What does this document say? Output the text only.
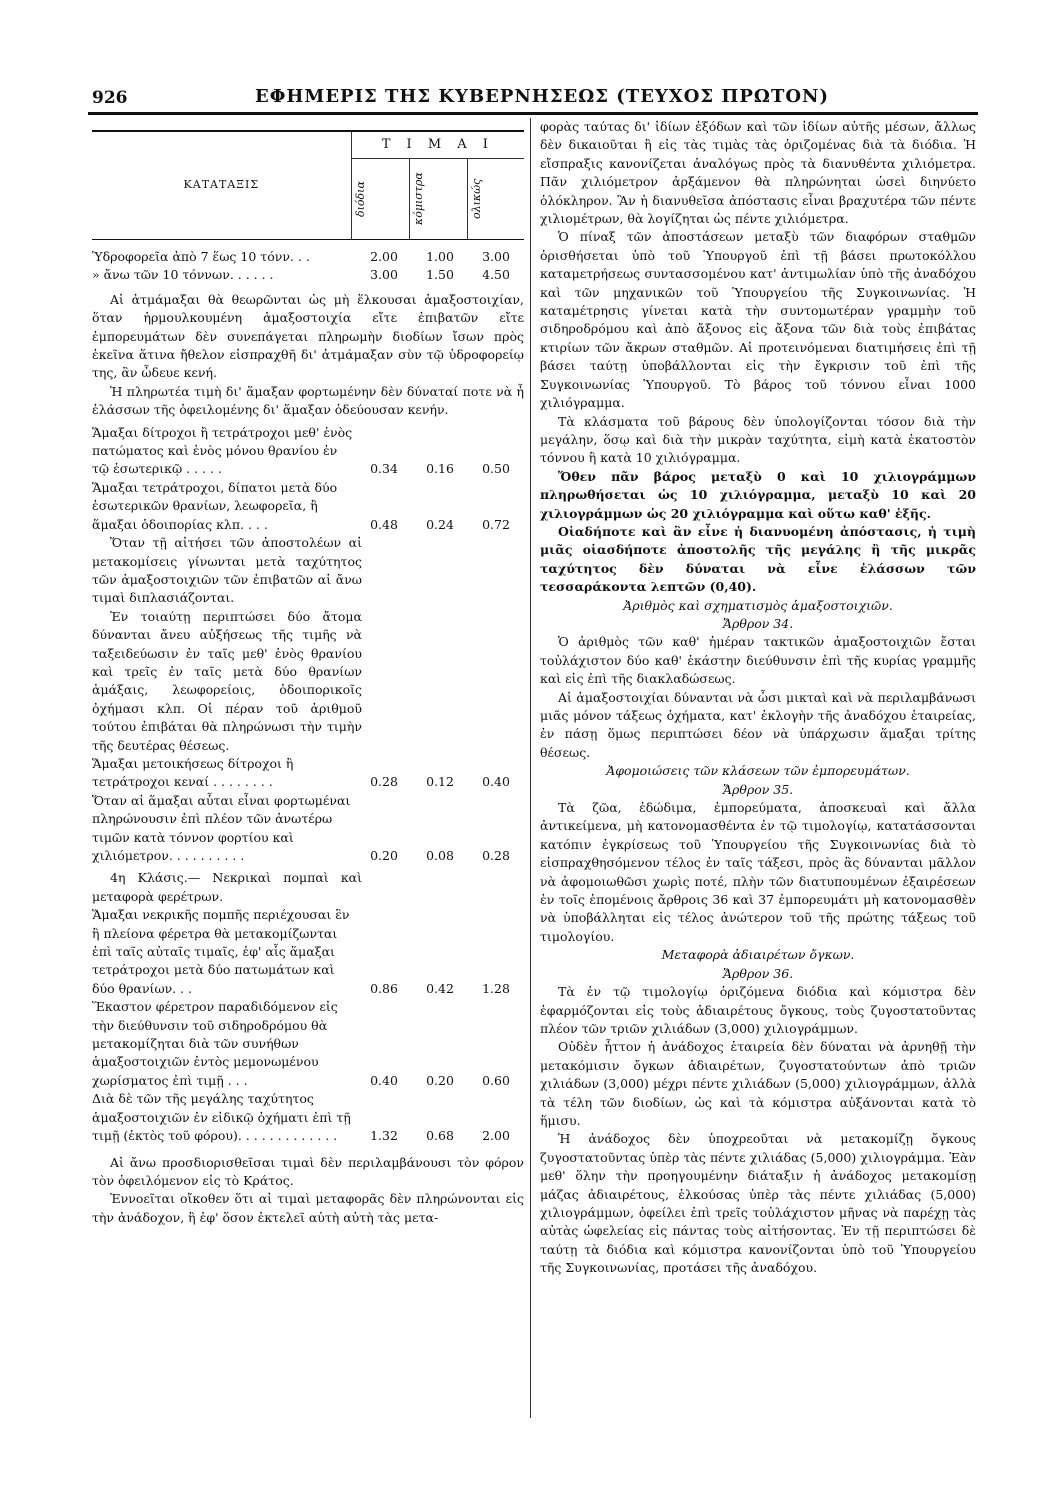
926	ΕΦΗΜΕΡΙΣ ΤΗΣ ΚΥΒΕΡΝΗΣΕΩΣ (ΤΕΥΧΟΣ ΠΡΩΤΟΝ)
ΚΑΤΑΤΑΞΙΣ	Τ Ι Μ Α Ι		

	διόδια	κόμιστρα	ολικώς
Ὑδροφορεῖα ἀπὸ 7 ἕως 10 τόνν. . .	2.00	1.00	3.00
» ἄνω τῶν 10 τόννων. . . . . .	3.00	1.50	4.50

Αἱ ἀτμάμαξαι θὰ θεωρῶνται ὡς μὴ ἕλκουσαι ἁμαξοστοιχίαν, ὅταν ἡρμουλκουμένη ἁμαξοστοιχία εἴτε ἐπιβατῶν εἴτε ἐμπορευμάτων δὲν συνεπάγεται πληρωμὴν διοδίων ἴσων πρὸς ἐκεῖνα ἅτινα ἤθελον εἰσπραχθῆ δι' ἀτμάμαξαν σὺν τῷ ὑδροφορείῳ της, ἂν ὦδευε κενή.

Ἡ πληρωτέα τιμὴ δι' ἅμαξαν φορτωμένην δὲν δύναταί ποτε νὰ ἦ ἐλάσσων τῆς ὀφειλομένης δι' ἅμαξαν ὁδεύουσαν κενήν.

Ἅμαξαι δίτροχοι ἢ τετράτροχοι μεθ' ἑνὸς πατώματος καὶ ἑνὸς μόνου θρανίου ἐν τῷ ἐσωτερικῷ . . . . .	0.34	0.16	0.50
Ἅμαξαι τετράτροχοι, δίπατοι μετὰ δύο ἐσωτερικῶν θρανίων, λεωφορεῖα, ἢ ἅμαξαι ὁδοιπορίας κλπ. . . .	0.48	0.24	0.72

Ὅταν τῇ αἰτήσει τῶν ἀποστολέων αἱ μετακομίσεις γίνωνται μετὰ ταχύτητος τῶν ἁμαξοστοιχιῶν τῶν ἐπιβατῶν αἱ ἄνω τιμαὶ διπλασιάζονται.

Ἐν τοιαύτῃ περιπτώσει δύο ἄτομα δύνανται ἄνευ αὐξήσεως τῆς τιμῆς νὰ ταξειδεύωσιν ἐν ταῖς μεθ' ἑνὸς θρανίου καὶ τρεῖς ἐν ταῖς μετὰ δύο θρανίων ἁμάξαις, λεωφορείοις, ὁδοιπορικοῖς ὀχήμασι κλπ. Οἱ πέραν τοῦ ἀριθμοῦ τούτου ἐπιβάται θὰ πληρώνωσι τὴν τιμὴν τῆς δευτέρας θέσεως.

Ἅμαξαι μετοικήσεως δίτροχοι ἢ τετράτροχοι κεναί . . . . . . . .	0.28	0.12	0.40
Ὅταν αἱ ἅμαξαι αὗται εἶναι φορτωμέναι πληρώνουσιν ἐπὶ πλέον τῶν ἀνωτέρω τιμῶν κατὰ τόννον φορτίου καὶ χιλιόμετρον. . . . . . . . . .	0.20	0.08	0.28

4η Κλάσις.— Νεκρικαὶ πομπαὶ καὶ μεταφορὰ φερέτρων.

Ἅμαξαι νεκρικῆς πομπῆς περιέχουσαι ἓν ἢ πλείονα φέρετρα θὰ μετακομίζωνται ἐπὶ ταῖς αὐταῖς τιμαῖς, ἐφ' αἷς ἅμαξαι τετράτροχοι μετὰ δύο πατωμάτων καὶ δύο θρανίων. . .	0.86	0.42	1.28
Ἕκαστον φέρετρον παραδιδόμενον εἰς τὴν διεύθυνσιν τοῦ σιδηροδρόμου θὰ μετακομίζηται διὰ τῶν συνήθων ἁμαξοστοιχιῶν ἐντὸς μεμονωμένου χωρίσματος ἐπὶ τιμῇ . . .	0.40	0.20	0.60
Διὰ δὲ τῶν τῆς μεγάλης ταχύτητος ἁμαξοστοιχιῶν ἐν εἰδικῷ ὀχήματι ἐπὶ τῇ τιμῇ (ἐκτὸς τοῦ φόρου). . . . . . . . . . . . .	1.32	0.68	2.00

Αἱ ἄνω προσδιορισθεῖσαι τιμαὶ δὲν περιλαμβάνουσι τὸν φόρον τὸν ὀφειλόμενον εἰς τὸ Κράτος.

Ἐννοεῖται οἴκοθεν ὅτι αἱ τιμαὶ μεταφορᾶς δὲν πληρώνονται εἰς τὴν ἀνάδοχον, ἢ ἐφ' ὅσον ἐκτελεῖ αὐτὴ αὐτὴ τὰς μετα-

φορὰς ταύτας δι' ἰδίων ἐξόδων καὶ τῶν ἰδίων αὐτῆς μέσων, ἄλλως δὲν δικαιοῦται ἢ εἰς τὰς τιμὰς τὰς ὁριζομένας διὰ τὰ διόδια. Ἡ εἴσπραξις κανονίζεται ἀναλόγως πρὸς τὰ διανυθέντα χιλιόμετρα. Πᾶν χιλιόμετρον ἀρξάμενον θὰ πληρώνηται ὡσεὶ διηνύετο ὁλόκληρον. Ἂν ἡ διανυθεῖσα ἀπόστασις εἶναι βραχυτέρα τῶν πέντε χιλιομέτρων, θὰ λογίζηται ὡς πέντε χιλιόμετρα.

Ὁ πίναξ τῶν ἀποστάσεων μεταξὺ τῶν διαφόρων σταθμῶν ὁρισθήσεται ὑπὸ τοῦ Ὑπουργοῦ ἐπὶ τῇ βάσει πρωτοκόλλου καταμετρήσεως συντασσομένου κατ' ἀντιμωλίαν ὑπὸ τῆς ἀναδόχου καὶ τῶν μηχανικῶν τοῦ Ὑπουργείου τῆς Συγκοινωνίας. Ἡ καταμέτρησις γίνεται κατὰ τὴν συντομωτέραν γραμμὴν τοῦ σιδηροδρόμου καὶ ἀπὸ ἄξονος εἰς ἄξονα τῶν διὰ τοὺς ἐπιβάτας κτιρίων τῶν ἄκρων σταθμῶν. Αἱ προτεινόμεναι διατιμήσεις ἐπὶ τῇ βάσει ταύτῃ ὑποβάλλονται εἰς τὴν ἔγκρισιν τοῦ ἐπὶ τῆς Συγκοινωνίας Ὑπουργοῦ. Τὸ βάρος τοῦ τόννου εἶναι 1000 χιλιόγραμμα.

Τὰ κλάσματα τοῦ βάρους δὲν ὑπολογίζονται τόσον διὰ τὴν μεγάλην, ὅσῳ καὶ διὰ τὴν μικρὰν ταχύτητα, εἰμὴ κατὰ ἑκατοστὸν τόννου ἢ κατὰ 10 χιλιόγραμμα.

Ὅθεν πᾶν βάρος μεταξὺ 0 καὶ 10 χιλιογράμμων πληρωθήσεται ὡς 10 χιλιόγραμμα, μεταξὺ 10 καὶ 20 χιλιογράμμων ὡς 20 χιλιόγραμμα καὶ οὕτω καθ' ἑξῆς.

Οἱαδήποτε καὶ ἂν εἶνε ἡ διανυομένη ἀπόστασις, ἡ τιμὴ μιᾶς οἱασδήποτε ἀποστολῆς τῆς μεγάλης ἢ τῆς μικρᾶς ταχύτητος δὲν δύναται νὰ εἶνε ἐλάσσων τῶν τεσσαράκοντα λεπτῶν (0,40).

Ἀριθμὸς καὶ σχηματισμὸς ἁμαξοστοιχιῶν.

Ἄρθρον 34.

Ὁ ἀριθμὸς τῶν καθ' ἡμέραν τακτικῶν ἁμαξοστοιχιῶν ἔσται τοὐλάχιστον δύο καθ' ἑκάστην διεύθυνσιν ἐπὶ τῆς κυρίας γραμμῆς καὶ εἰς ἐπὶ τῆς διακλαδώσεως.

Αἱ ἁμαξοστοιχίαι δύνανται νὰ ὦσι μικταὶ καὶ νὰ περιλαμβάνωσι μιᾶς μόνον τάξεως ὀχήματα, κατ' ἐκλογὴν τῆς ἀναδόχου ἑταιρείας, ἐν πάσῃ ὅμως περιπτώσει δέον νὰ ὑπάρχωσιν ἅμαξαι τρίτης θέσεως.

Ἀφομοιώσεις τῶν κλάσεων τῶν ἐμπορευμάτων.

Ἄρθρον 35.

Τὰ ζῶα, ἐδώδιμα, ἐμπορεύματα, ἀποσκευαὶ καὶ ἄλλα ἀντικείμενα, μὴ κατονομασθέντα ἐν τῷ τιμολογίῳ, κατατάσσονται κατόπιν ἐγκρίσεως τοῦ Ὑπουργείου τῆς Συγκοινωνίας διὰ τὸ εἰσπραχθησόμενον τέλος ἐν ταῖς τάξεσι, πρὸς ἃς δύνανται μᾶλλον νὰ ἀφομοιωθῶσι χωρὶς ποτέ, πλὴν τῶν διατυπουμένων ἐξαιρέσεων ἐν τοῖς ἑπομένοις ἄρθροις 36 καὶ 37 ἐμπορευμάτι μὴ κατονομασθὲν νὰ ὑποβάλληται εἰς τέλος ἀνώτερον τοῦ τῆς πρώτης τάξεως τοῦ τιμολογίου.

Μεταφορὰ ἀδιαιρέτων ὄγκων.

Ἄρθρον 36.

Τὰ ἐν τῷ τιμολογίῳ ὁριζόμενα διόδια καὶ κόμιστρα δὲν ἐφαρμόζονται εἰς τοὺς ἀδιαιρέτους ὄγκους, τοὺς ζυγοστατοῦντας πλέον τῶν τριῶν χιλιάδων (3,000) χιλιογράμμων.

Οὐδὲν ἧττον ἡ ἀνάδοχος ἑταιρεία δὲν δύναται νὰ ἀρνηθῇ τὴν μετακόμισιν ὄγκων ἀδιαιρέτων, ζυγοστατούντων ἀπὸ τριῶν χιλιάδων (3,000) μέχρι πέντε χιλιάδων (5,000) χιλιογράμμων, ἀλλὰ τὰ τέλη τῶν διοδίων, ὡς καὶ τὰ κόμιστρα αὐξάνονται κατὰ τὸ ἥμισυ.

Ἡ ἀνάδοχος δὲν ὑποχρεοῦται νὰ μετακομίζῃ ὄγκους ζυγοστατοῦντας ὑπὲρ τὰς πέντε χιλιάδας (5,000) χιλιογράμμα. Ἐὰν μεθ' ὅλην τὴν προηγουμένην διάταξιν ἡ ἀνάδοχος μετακομίσῃ μάζας ἀδιαιρέτους, ἑλκούσας ὑπὲρ τὰς πέντε χιλιάδας (5,000) χιλιογράμμων, ὀφείλει ἐπὶ τρεῖς τοὐλάχιστον μῆνας νὰ παρέχῃ τὰς αὐτὰς ὠφελείας εἰς πάντας τοὺς αἰτήσοντας. Ἐν τῇ περιπτώσει δὲ ταύτῃ τὰ διόδια καὶ κόμιστρα κανονίζονται ὑπὸ τοῦ Ὑπουργείου τῆς Συγκοινωνίας, προτάσει τῆς ἀναδόχου.
